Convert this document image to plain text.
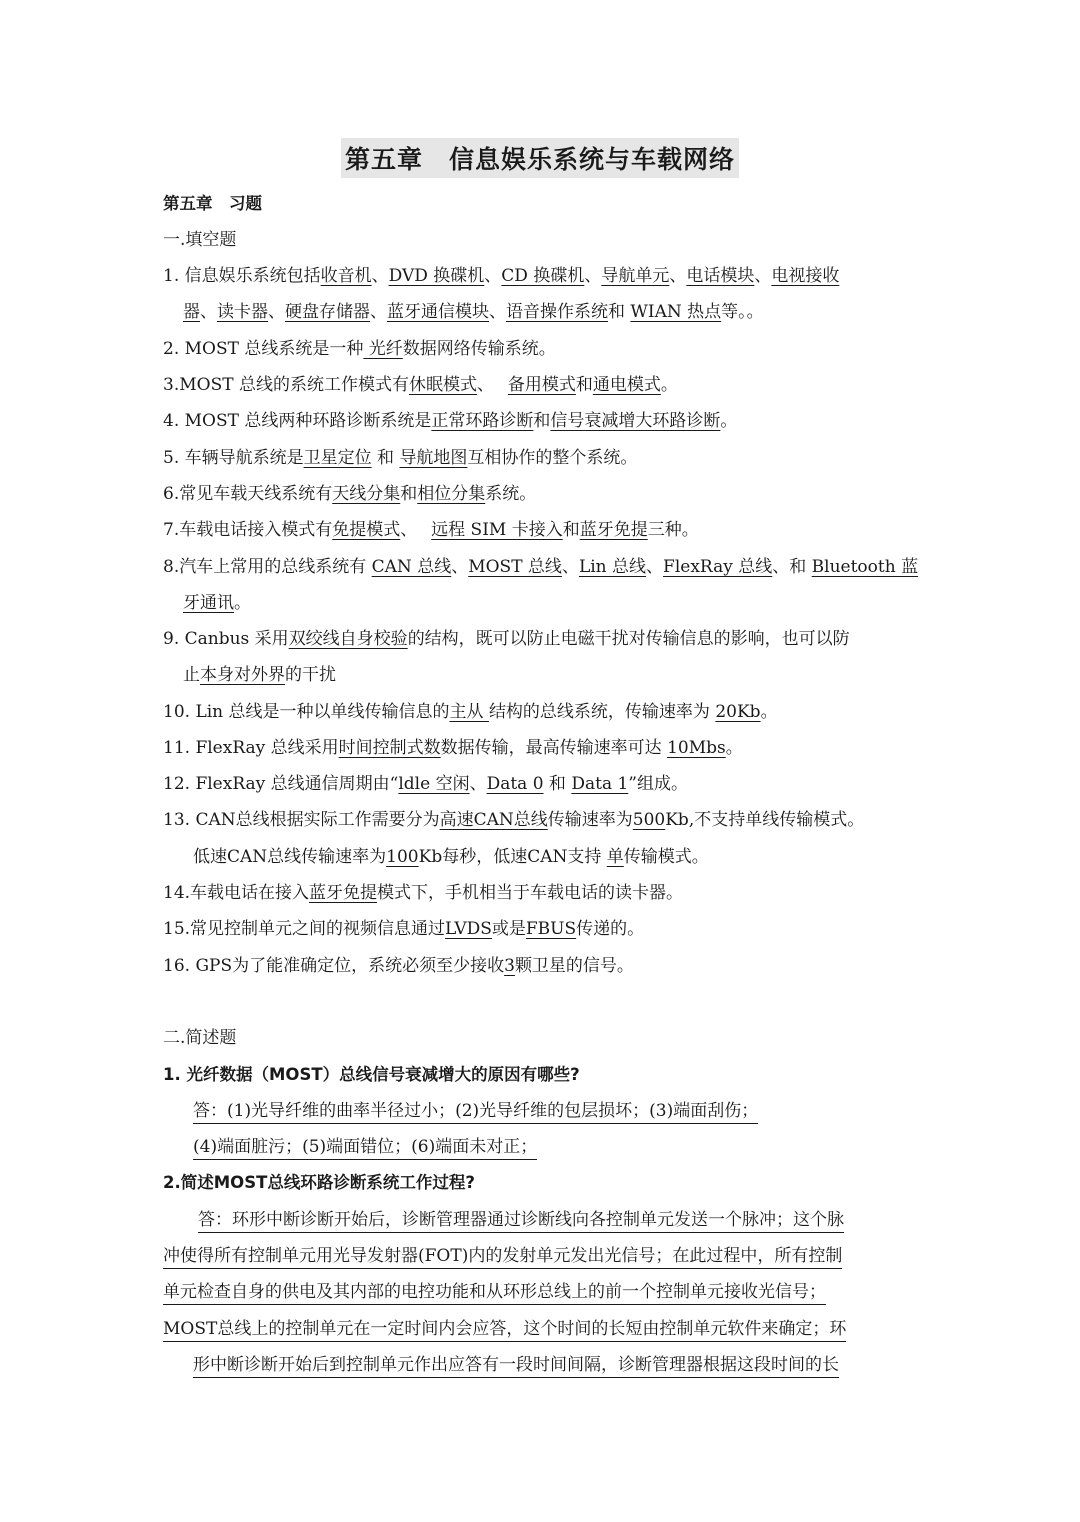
第五章　信息娱乐系统与车载网络
第五章　习题
一.填空题
1. 信息娱乐系统包括收音机、DVD 换碟机、CD 换碟机、导航单元、电话模块、电视接收
器、读卡器、硬盘存储器、蓝牙通信模块、语音操作系统和 WIAN 热点等。。
2. MOST 总线系统是一种 光纤数据网络传输系统。
3.MOST 总线的系统工作模式有休眠模式、　 备用模式和通电模式。
4. MOST 总线两种环路诊断系统是正常环路诊断和信号衰减增大环路诊断。
5. 车辆导航系统是卫星定位 和 导航地图互相协作的整个系统。
6.常见车载天线系统有天线分集和相位分集系统。
7.车载电话接入模式有免提模式、　 远程 SIM 卡接入和蓝牙免提三种。
8.汽车上常用的总线系统有 CAN 总线、MOST 总线、Lin 总线、FlexRay 总线、和 Bluetooth 蓝
牙通讯。
9. Canbus 采用双绞线自身校验的结构，既可以防止电磁干扰对传输信息的影响，也可以防
止本身对外界的干扰
10. Lin 总线是一种以单线传输信息的主从 结构的总线系统，传输速率为 20Kb。
11. FlexRay 总线采用时间控制式数数据传输，最高传输速率可达 10Mbs。
12. FlexRay 总线通信周期由“ldle 空闲、Data 0 和 Data 1”组成。
13. CAN总线根据实际工作需要分为高速CAN总线传输速率为500Kb,不支持单线传输模式。
低速CAN总线传输速率为100Kb每秒，低速CAN支持 单传输模式。
14.车载电话在接入蓝牙免提模式下，手机相当于车载电话的读卡器。
15.常见控制单元之间的视频信息通过LVDS或是FBUS传递的。
16. GPS为了能准确定位，系统必须至少接收3颗卫星的信号。
二.简述题
1. 光纤数据（MOST）总线信号衰减增大的原因有哪些?
答：(1)光导纤维的曲率半径过小；(2)光导纤维的包层损坏；(3)端面刮伤；
(4)端面脏污；(5)端面错位；(6)端面未对正；
2.简述MOST总线环路诊断系统工作过程?
答：环形中断诊断开始后，诊断管理器通过诊断线向各控制单元发送一个脉冲；这个脉
冲使得所有控制单元用光导发射器(FOT)内的发射单元发出光信号；在此过程中，所有控制
单元检查自身的供电及其内部的电控功能和从环形总线上的前一个控制单元接收光信号；
MOST总线上的控制单元在一定时间内会应答，这个时间的长短由控制单元软件来确定；环
形中断诊断开始后到控制单元作出应答有一段时间间隔，诊断管理器根据这段时间的长
